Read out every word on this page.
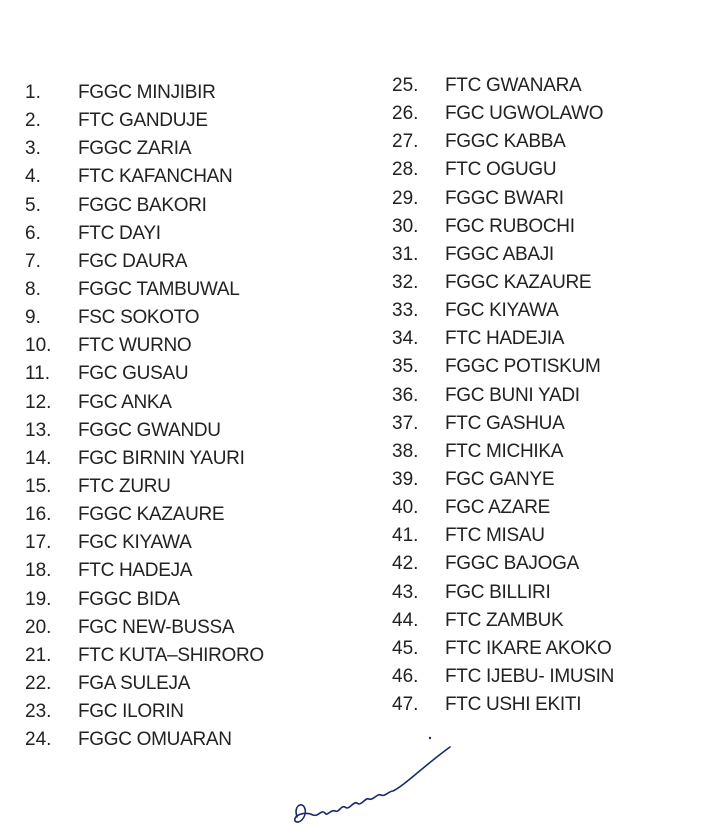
1. FGGC MINJIBIR
2. FTC GANDUJE
3. FGGC ZARIA
4. FTC KAFANCHAN
5. FGGC BAKORI
6. FTC DAYI
7. FGC DAURA
8. FGGC TAMBUWAL
9. FSC SOKOTO
10. FTC WURNO
11. FGC GUSAU
12. FGC ANKA
13. FGGC GWANDU
14. FGC BIRNIN YAURI
15. FTC ZURU
16. FGGC KAZAURE
17. FGC KIYAWA
18. FTC HADEJA
19. FGGC BIDA
20. FGC NEW-BUSSA
21. FTC KUTA–SHIRORO
22. FGA SULEJA
23. FGC ILORIN
24. FGGC OMUARAN
25. FTC GWANARA
26. FGC UGWOLAWO
27. FGGC KABBA
28. FTC OGUGU
29. FGGC BWARI
30. FGC RUBOCHI
31. FGGC ABAJI
32. FGGC KAZAURE
33. FGC KIYAWA
34. FTC HADEJIA
35. FGGC POTISKUM
36. FGC BUNI YADI
37. FTC GASHUA
38. FTC MICHIKA
39. FGC GANYE
40. FGC AZARE
41. FTC MISAU
42. FGGC BAJOGA
43. FGC BILLIRI
44. FTC ZAMBUK
45. FTC IKARE AKOKO
46. FTC IJEBU- IMUSIN
47. FTC USHI EKITI
